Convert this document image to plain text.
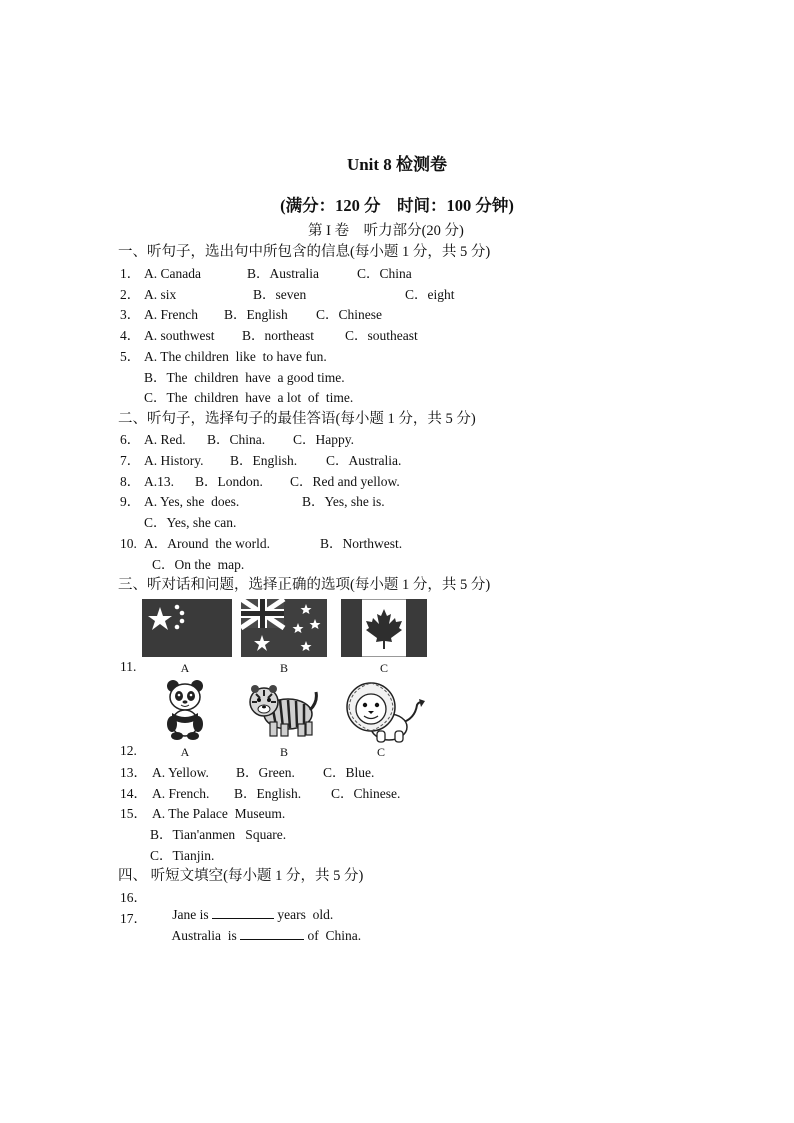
Unit 8 检测卷
(满分：120 分　时间：100 分钟)
第 I 卷　听力部分(20 分)
一、听句子，选出句中所包含的信息(每小题 1 分，共 5 分)
1． A. Canada	B．Australia	C．China
2． A. six	B．seven	C．eight
3． A. French B．English C．Chinese
4． A. southwest B．northeast C．southeast
5． A. The children  like  to have fun.
B．The  children  have  a good time.
C．The  children  have  a lot  of  time.
二、听句子，选择句子的最佳答语(每小题 1 分，共 5 分)
6． A. Red. B．China. C．Happy.
7． A. History. B．English. C．Australia.
8． A.13. B．London. C．Red and yellow.
9． A. Yes, she  does.	B．Yes, she is.
C．Yes, she can.
10. A．Around  the world.	B．Northwest.
C．On the  map.
三、听对话和问题，选择正确的选项(每小题 1 分，共 5 分)
11.	A	B	C
12.	A	B	C
13． A. Yellow. B．Green. C．Blue.
14． A. French. B．English. C．Chinese.
15． A. The Palace  Museum.
B．Tian'anmen   Square.
C．Tianjin.
四、 听短文填空(每小题 1 分，共 5 分)
16．

Jane is	years  old.

17．

Australia  is	of  China.
